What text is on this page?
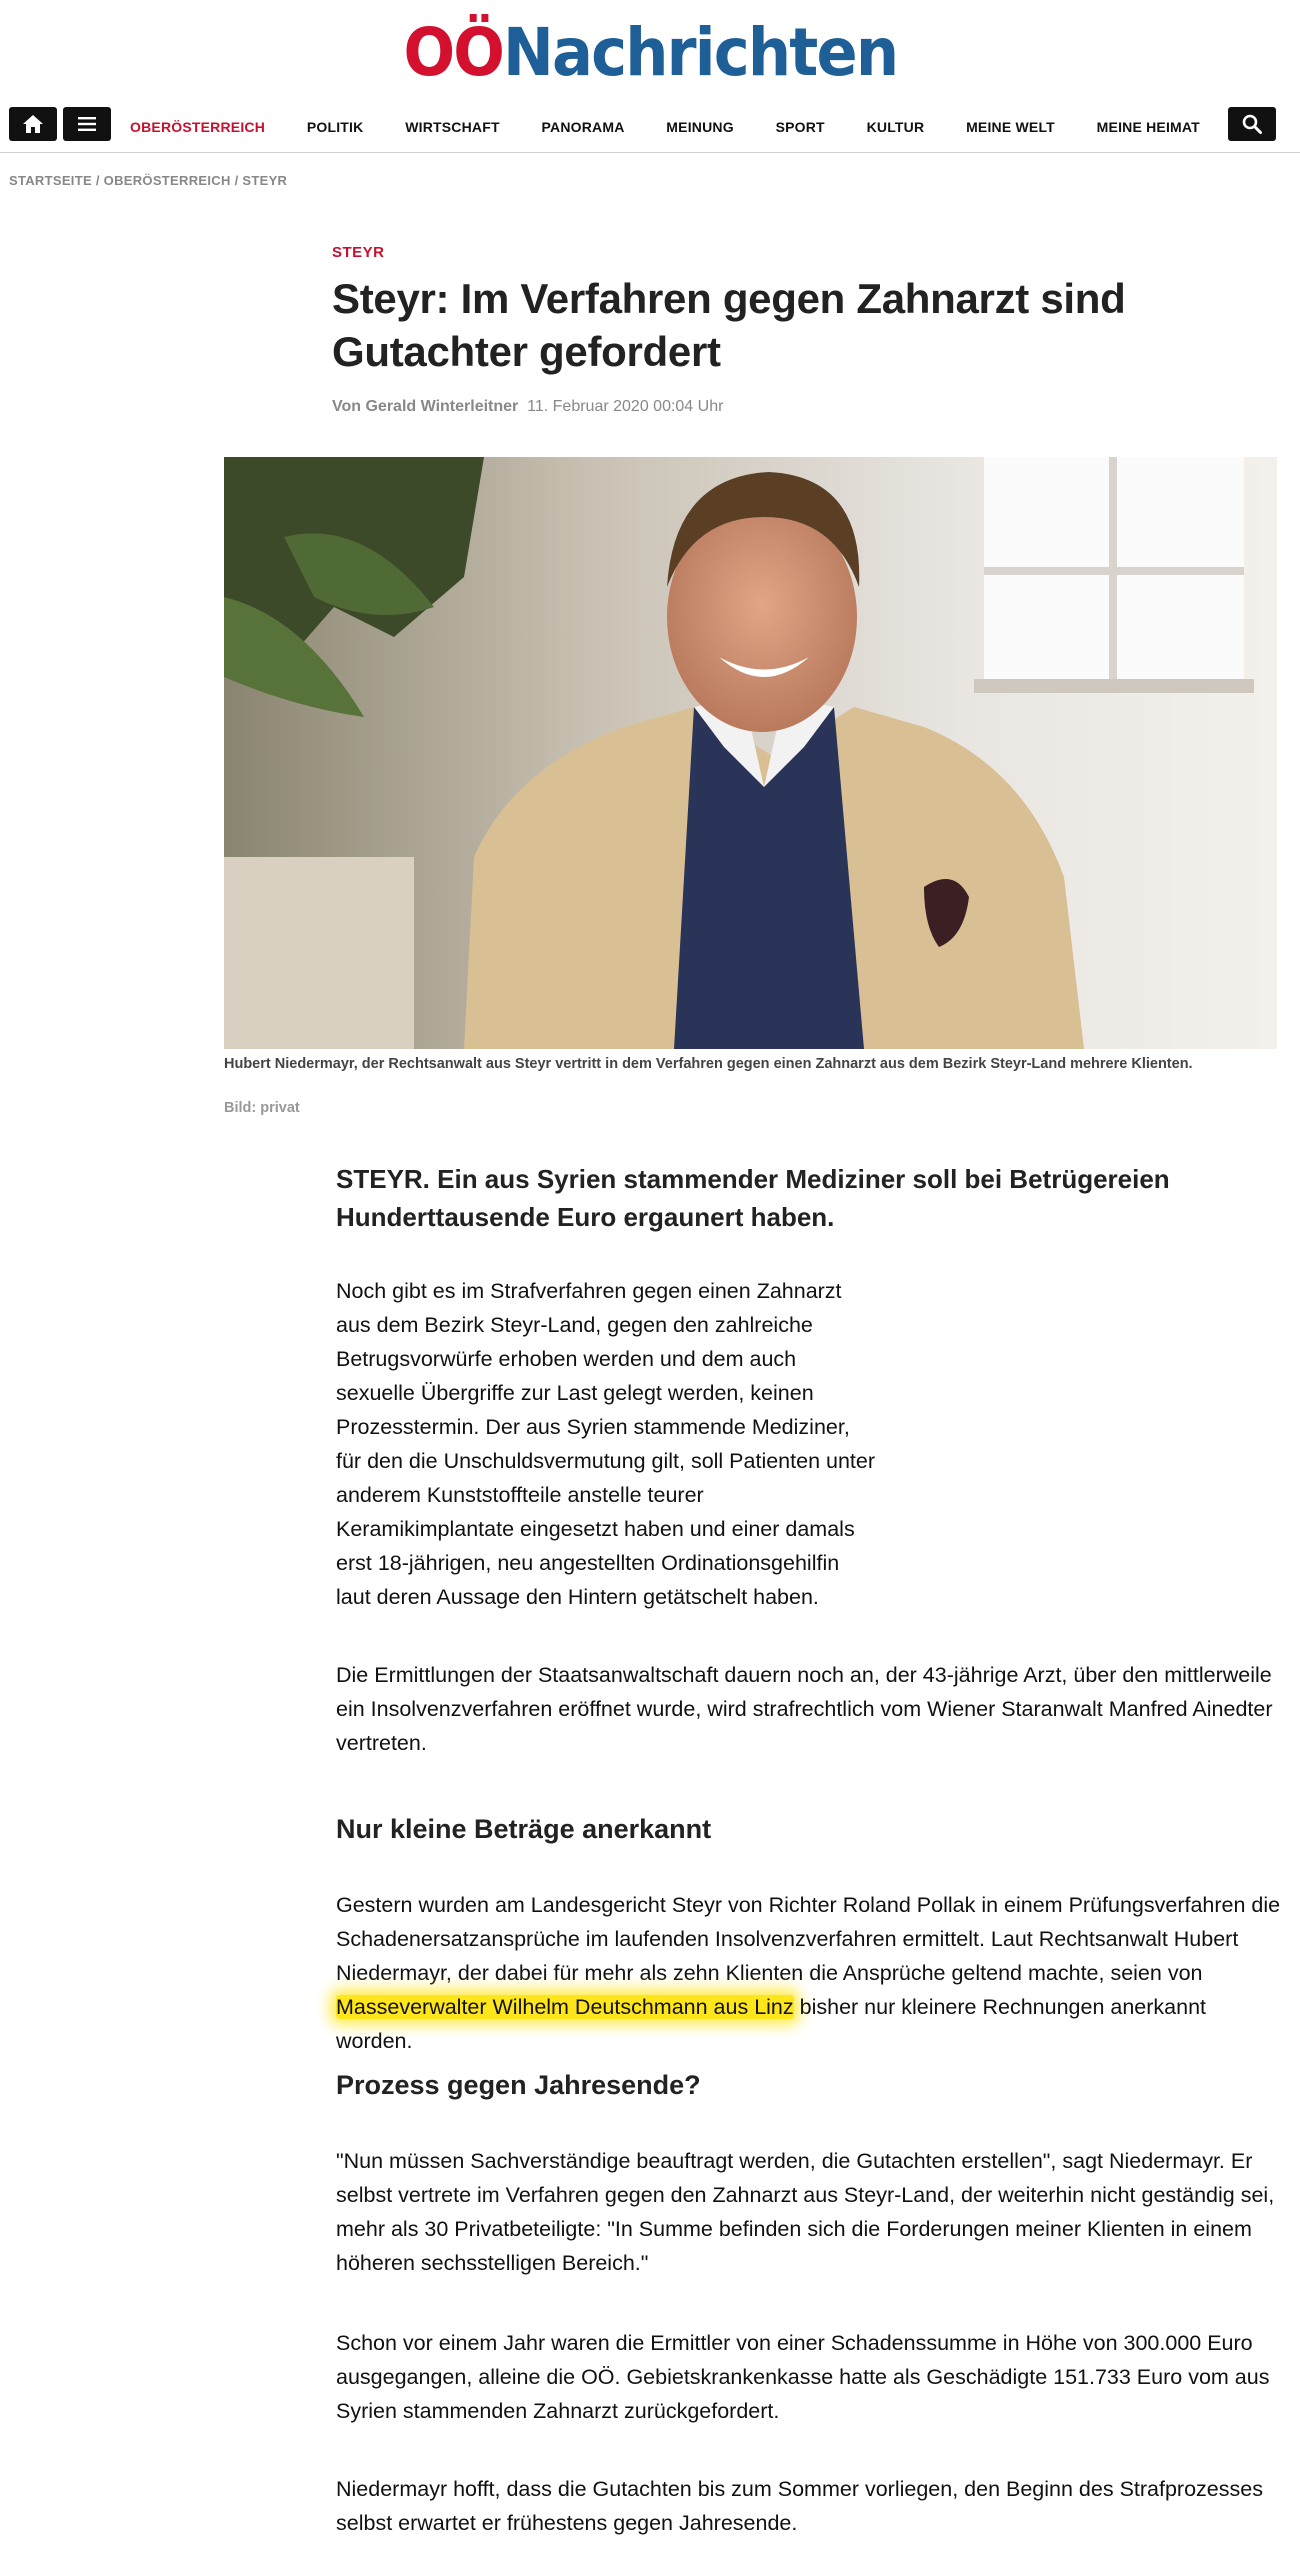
OÖNachrichten
OBERÖSTERREICH	POLITIK	WIRTSCHAFT	PANORAMA	MEINUNG	SPORT	KULTUR	MEINE WELT	MEINE HEIMAT
STARTSEITE / OBERÖSTERREICH / STEYR
STEYR
Steyr: Im Verfahren gegen Zahnarzt sind Gutachter gefordert
Von Gerald Winterleitner 11. Februar 2020 00:04 Uhr
Hubert Niedermayr, der Rechtsanwalt aus Steyr vertritt in dem Verfahren gegen einen Zahnarzt aus dem Bezirk Steyr-Land mehrere Klienten.
Bild: privat

STEYR. Ein aus Syrien stammender Mediziner soll bei Betrügereien Hunderttausende Euro ergaunert haben.

Noch gibt es im Strafverfahren gegen einen Zahnarzt aus dem Bezirk Steyr-Land, gegen den zahlreiche Betrugsvorwürfe erhoben werden und dem auch sexuelle Übergriffe zur Last gelegt werden, keinen Prozesstermin. Der aus Syrien stammende Mediziner, für den die Unschuldsvermutung gilt, soll Patienten unter anderem Kunststoffteile anstelle teurer Keramikimplantate eingesetzt haben und einer damals erst 18-jährigen, neu angestellten Ordinationsgehilfin laut deren Aussage den Hintern getätschelt haben.

Die Ermittlungen der Staatsanwaltschaft dauern noch an, der 43-jährige Arzt, über den mittlerweile ein Insolvenzverfahren eröffnet wurde, wird strafrechtlich vom Wiener Staranwalt Manfred Ainedter vertreten.

Nur kleine Beträge anerkannt

Gestern wurden am Landesgericht Steyr von Richter Roland Pollak in einem Prüfungsverfahren die Schadenersatzansprüche im laufenden Insolvenzverfahren ermittelt. Laut Rechtsanwalt Hubert Niedermayr, der dabei für mehr als zehn Klienten die Ansprüche geltend machte, seien von Masseverwalter Wilhelm Deutschmann aus Linz bisher nur kleinere Rechnungen anerkannt worden.

Prozess gegen Jahresende?

"Nun müssen Sachverständige beauftragt werden, die Gutachten erstellen", sagt Niedermayr. Er selbst vertrete im Verfahren gegen den Zahnarzt aus Steyr-Land, der weiterhin nicht geständig sei, mehr als 30 Privatbeteiligte: "In Summe befinden sich die Forderungen meiner Klienten in einem höheren sechsstelligen Bereich."

Schon vor einem Jahr waren die Ermittler von einer Schadenssumme in Höhe von 300.000 Euro ausgegangen, alleine die OÖ. Gebietskrankenkasse hatte als Geschädigte 151.733 Euro vom aus Syrien stammenden Zahnarzt zurückgefordert.

Niedermayr hofft, dass die Gutachten bis zum Sommer vorliegen, den Beginn des Strafprozesses selbst erwartet er frühestens gegen Jahresende.
